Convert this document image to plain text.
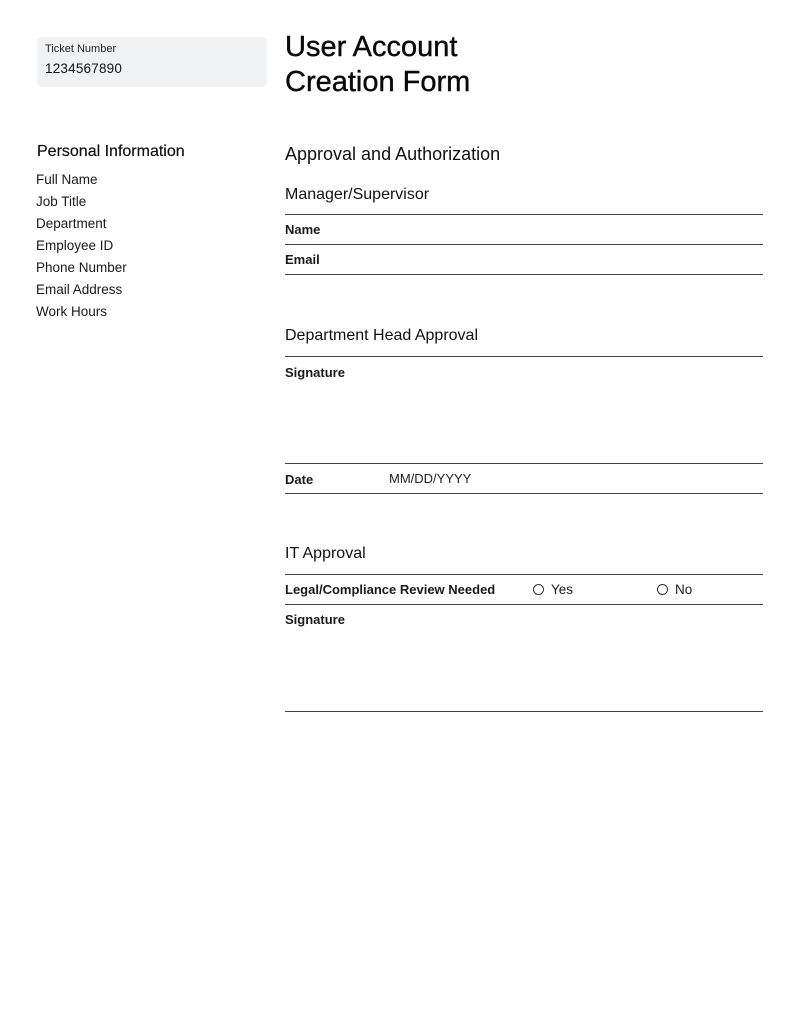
Ticket Number
1234567890
User Account
Creation Form
Personal Information
Full Name
Job Title
Department
Employee ID
Phone Number
Email Address
Work Hours
Approval and Authorization
Manager/Supervisor
Name
Email
Department Head Approval
Signature
Date	MM/DD/YYYY
IT Approval
Legal/Compliance Review Needed	Yes	No
Signature
